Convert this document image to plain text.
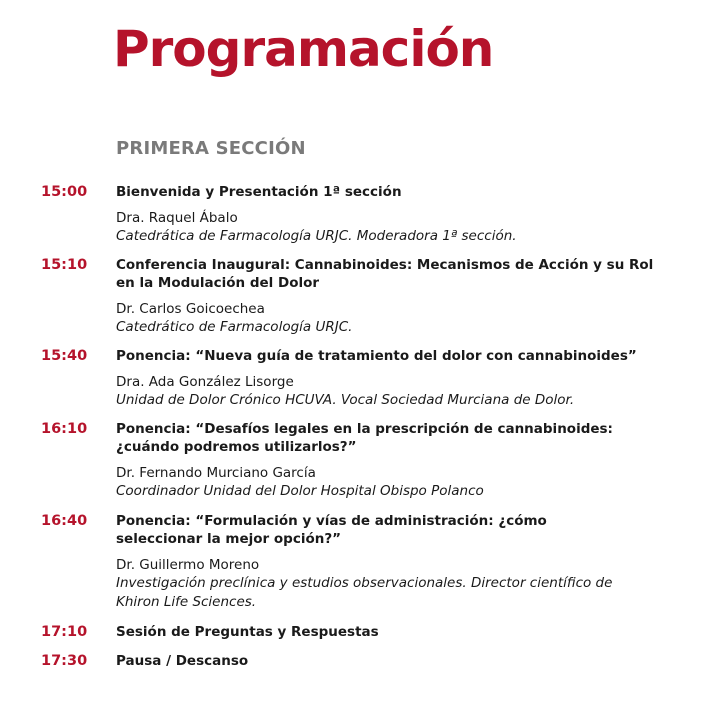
Programación
PRIMERA SECCIÓN
15:00 Bienvenida y Presentación 1ª sección
Dra. Raquel Ábalo
Catedrática de Farmacología URJC. Moderadora 1ª sección.
15:10 Conferencia Inaugural: Cannabinoides: Mecanismos de Acción y su Rol en la Modulación del Dolor
Dr. Carlos Goicoechea
Catedrático de Farmacología URJC.
15:40 Ponencia: “Nueva guía de tratamiento del dolor con cannabinoides”
Dra. Ada González Lisorge
Unidad de Dolor Crónico HCUVA. Vocal Sociedad Murciana de Dolor.
16:10 Ponencia: “Desafíos legales en la prescripción de cannabinoides: ¿cuándo podremos utilizarlos?”
Dr. Fernando Murciano García
Coordinador Unidad del Dolor Hospital Obispo Polanco
16:40 Ponencia: “Formulación y vías de administración: ¿cómo seleccionar la mejor opción?”
Dr. Guillermo Moreno
Investigación preclínica y estudios observacionales. Director científico de Khiron Life Sciences.
17:10 Sesión de Preguntas y Respuestas
17:30 Pausa / Descanso
